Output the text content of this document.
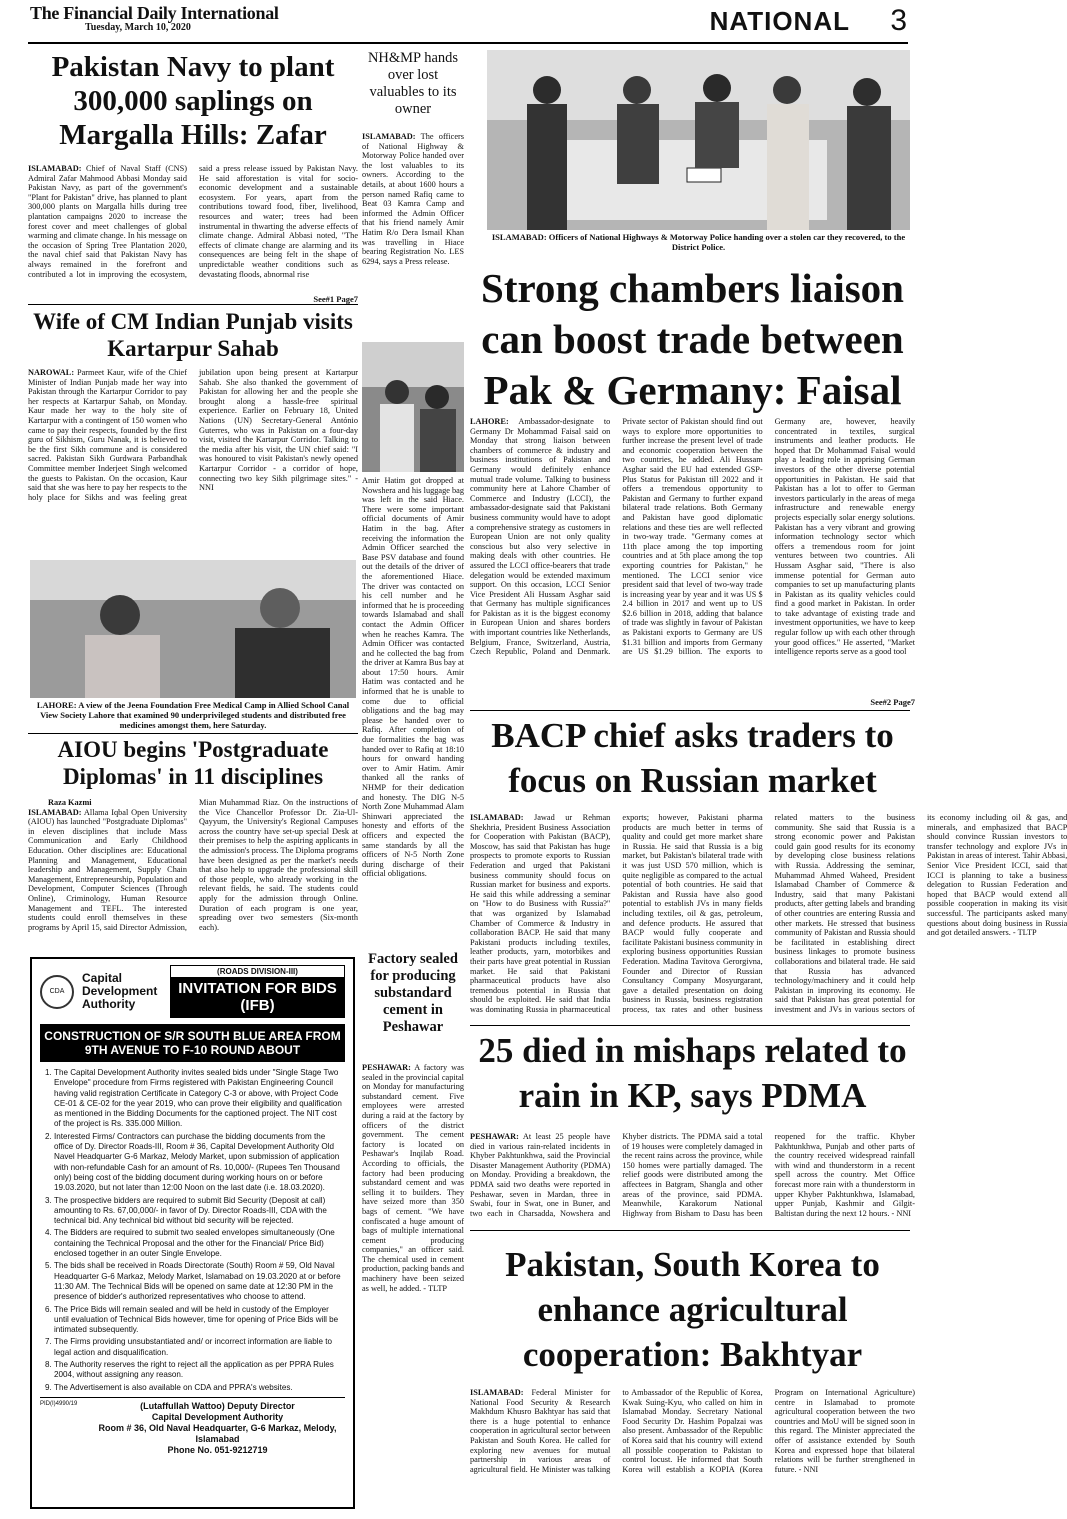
The Financial Daily International
Tuesday, March 10, 2020	NATIONAL 3
Pakistan Navy to plant 300,000 saplings on Margalla Hills: Zafar
ISLAMABAD: Chief of Naval Staff (CNS) Admiral Zafar Mahmood Abbasi Monday said Pakistan Navy, as part of the government's "Plant for Pakistan" drive, has planned to plant 300,000 plants on Margalla hills during tree plantation campaigns 2020 to increase the forest cover and meet challenges of global warming and climate change. In his message on the occasion of Spring Tree Plantation 2020, the naval chief said that Pakistan Navy has always remained in the forefront and contributed a lot in improving the ecosystem, said a press release issued by Pakistan Navy. He said afforestation is vital for socio-economic development and a sustainable ecosystem. For years, apart from the contributions toward food, fiber, livelihood, resources and water; trees had been instrumental in thwarting the adverse effects of climate change. Admiral Abbasi noted, "The effects of climate change are alarming and its consequences are being felt in the shape of unpredictable weather conditions such as devastating floods, abnormal rise
See#1 Page7
Wife of CM Indian Punjab visits Kartarpur Sahab
NAROWAL: Parmeet Kaur, wife of the Chief Minister of Indian Punjab made her way into Pakistan through the Kartarpur Corridor to pay her respects at Kartarpur Sahab, on Monday. Kaur made her way to the holy site of Kartarpur with a contingent of 150 women who came to pay their respects, founded by the first guru of Sikhism, Guru Nanak, it is believed to be the first Sikh commune and is considered sacred. Pakistan Sikh Gurdwara Parbandhak Committee member Inderjeet Singh welcomed the guests to Pakistan. On the occasion, Kaur said that she was here to pay her respects to the holy place for Sikhs and was feeling great jubilation upon being present at Kartarpur Sahab. She also thanked the government of Pakistan for allowing her and the people she brought along a hassle-free spiritual experience. Earlier on February 18, United Nations (UN) Secretary-General António Guterres, who was in Pakistan on a four-day visit, visited the Kartarpur Corridor. Talking to the media after his visit, the UN chief said: "I was honoured to visit Pakistan's newly opened Kartarpur Corridor - a corridor of hope, connecting two key Sikh pilgrimage sites." - NNI
LAHORE: A view of the Jeena Foundation Free Medical Camp in Allied School Canal View Society Lahore that examined 90 underprivileged students and distributed free medicines amongst them, here Saturday.
AIOU begins 'Postgraduate Diplomas' in 11 disciplines
Raza Kazmi
ISLAMABAD: Allama Iqbal Open University (AIOU) has launched "Postgraduate Diplomas" in eleven disciplines that include Mass Communication and Early Childhood Education. Other disciplines are: Educational Planning and Management, Educational leadership and Management, Supply Chain Management, Entrepreneurship, Population and Development, Computer Sciences (Through Online), Criminology, Human Resource Management and TEFL. The interested students could enroll themselves in these programs by April 15, said Director Admission, Mian Muhammad Riaz. On the instructions of the Vice Chancellor Professor Dr. Zia-Ul-Qayyum, the University's Regional Campuses across the country have set-up special Desk at their premises to help the aspiring applicants in the admission's process. The Diploma programs have been designed as per the market's needs that also help to upgrade the professional skill of those people, who already working in the relevant fields, he said. The students could apply for the admission through Online. Duration of each program is one year, spreading over two semesters (Six-month each).
CDA
Capital Development Authority
(ROADS DIVISION-III)
INVITATION FOR BIDS (IFB)
CONSTRUCTION OF S/R SOUTH BLUE AREA FROM 9TH AVENUE TO F-10 ROUND ABOUT
1. The Capital Development Authority invites sealed bids under "Single Stage Two Envelope" procedure from Firms registered with Pakistan Engineering Council having valid registration Certificate in Category C-3 or above, with Project Code CE-01 & CE-02 for the year 2019, who can prove their eligibility and qualification as mentioned in the Bidding Documents for the captioned project. The NIT cost of the project is Rs. 335.000 Million.
2. Interested Firms/ Contractors can purchase the bidding documents from the office of Dy. Director Roads-III, Room # 36, Capital Development Authority Old Navel Headquarter G-6 Markaz, Melody Market, upon submission of application with non-refundable Cash for an amount of Rs. 10,000/- (Rupees Ten Thousand only) being cost of the bidding document during working hours on or before 19.03.2020, but not later than 12:00 Noon on the last date (i.e. 18.03.2020).
3. The prospective bidders are required to submit Bid Security (Deposit at call) amounting to Rs. 67,00,000/- in favor of Dy. Director Roads-III, CDA with the technical bid. Any technical bid without bid security will be rejected.
4. The Bidders are required to submit two sealed envelopes simultaneously (One containing the Technical Proposal and the other for the Financial/ Price Bid) enclosed together in an outer Single Envelope.
5. The bids shall be received in Roads Directorate (South) Room # 59, Old Naval Headquarter G-6 Markaz, Melody Market, Islamabad on 19.03.2020 at or before 11:30 AM. The Technical Bids will be opened on same date at 12:30 PM in the presence of bidder's authorized representatives who choose to attend.
6. The Price Bids will remain sealed and will be held in custody of the Employer until evaluation of Technical Bids however, time for opening of Price Bids will be intimated subsequently.
7. The Firms providing unsubstantiated and/ or incorrect information are liable to legal action and disqualification.
8. The Authority reserves the right to reject all the application as per PPRA Rules 2004, without assigning any reason.
9. The Advertisement is also available on CDA and PPRA's websites.
PID(I)4990/19	(Lutaffullah Wattoo) Deputy Director
Capital Development Authority
Room # 36, Old Naval Headquarter, G-6 Markaz, Melody, Islamabad
Phone No. 051-9212719
NH&MP hands over lost valuables to its owner
ISLAMABAD: The officers of National Highway & Motorway Police handed over the lost valuables to its owners. According to the details, at about 1600 hours a person named Rafiq came to Beat 03 Kamra Camp and informed the Admin Officer that his friend namely Amir Hatim R/o Dera Ismail Khan was travelling in Hiace bearing Registration No. LES 6294, says a Press release.
Amir Hatim got dropped at Nowshera and his luggage bag was left in the said Hiace. There were some important official documents of Amir Hatim in the bag. After receiving the information the Admin Officer searched the Base PSV database and found out the details of the driver of the aforementioned Hiace. The driver was contacted on his cell number and he informed that he is proceeding towards Islamabad and shall contact the Admin Officer when he reaches Kamra. The Admin Officer was contacted and he collected the bag from the driver at Kamra Bus bay at about 17:50 hours. Amir Hatim was contacted and he informed that he is unable to come due to official obligations and the bag may please be handed over to Rafiq. After completion of due formalities the bag was handed over to Rafiq at 18:10 hours for onward handing over to Amir Hatim. Amir thanked all the ranks of NHMP for their dedication and honesty. The DIG N-5 North Zone Muhammad Alam Shinwari appreciated the honesty and efforts of the officers and expected the same standards by all the officers of N-5 North Zone during discharge of their official obligations.
Factory sealed for producing substandard cement in Peshawar
PESHAWAR: A factory was sealed in the provincial capital on Monday for manufacturing substandard cement. Five employees were arrested during a raid at the factory by officers of the district government. The cement factory is located on Peshawar's Inqilab Road. According to officials, the factory had been producing substandard cement and was selling it to builders. They have seized more than 350 bags of cement. "We have confiscated a huge amount of bags of multiple international cement producing companies," an officer said. The chemical used in cement production, packing bands and machinery have been seized as well, he added. - TLTP
ISLAMABAD: Officers of National Highways & Motorway Police handing over a stolen car they recovered, to the District Police.
Strong chambers liaison can boost trade between Pak & Germany: Faisal
LAHORE: Ambassador-designate to Germany Dr Mohammad Faisal said on Monday that strong liaison between chambers of commerce & industry and business institutions of Pakistan and Germany would definitely enhance mutual trade volume. Talking to business community here at Lahore Chamber of Commerce and Industry (LCCI), the ambassador-designate said that Pakistani business community would have to adopt a comprehensive strategy as customers in European Union are not only quality conscious but also very selective in making deals with other countries. He assured the LCCI office-bearers that trade delegation would be extended maximum support. On this occasion, LCCI Senior Vice President Ali Hussam Asghar said that Germany has multiple significances for Pakistan as it is the biggest economy in European Union and shares borders with important countries like Netherlands, Belgium, France, Switzerland, Austria, Czech Republic, Poland and Denmark. Private sector of Pakistan should find out ways to explore more opportunities to further increase the present level of trade and economic cooperation between the two countries, he added. Ali Hussam Asghar said the EU had extended GSP-Plus Status for Pakistan till 2022 and it offers a tremendous opportunity to Pakistan and Germany to further expand bilateral trade relations. Both Germany and Pakistan have good diplomatic relations and these ties are well reflected in two-way trade. "Germany comes at 11th place among the top importing countries and at 5th place among the top exporting countries for Pakistan," he mentioned. The LCCI senior vice president said that level of two-way trade is increasing year by year and it was US $ 2.4 billion in 2017 and went up to US $2.6 billion in 2018, adding that balance of trade was slightly in favour of Pakistan as Pakistani exports to Germany are US $1.31 billion and imports from Germany are US $1.29 billion. The exports to Germany are, however, heavily concentrated in textiles, surgical instruments and leather products. He hoped that Dr Mohammad Faisal would play a leading role in apprising German investors of the other diverse potential opportunities in Pakistan. He said that Pakistan has a lot to offer to German investors particularly in the areas of mega infrastructure and renewable energy projects especially solar energy solutions. Pakistan has a very vibrant and growing information technology sector which offers a tremendous room for joint ventures between two countries. Ali Hussam Asghar said, "There is also immense potential for German auto companies to set up manufacturing plants in Pakistan as its quality vehicles could find a good market in Pakistan. In order to take advantage of existing trade and investment opportunities, we have to keep regular follow up with each other through your good offices." He asserted, "Market intelligence reports serve as a good tool
See#2 Page7
BACP chief asks traders to focus on Russian market
ISLAMABAD: Jawad ur Rehman Shekhria, President Business Association for Cooperation with Pakistan (BACP), Moscow, has said that Pakistan has huge prospects to promote exports to Russian Federation and urged that Pakistani business community should focus on Russian market for business and exports. He said this while addressing a seminar on "How to do Business with Russia?" that was organized by Islamabad Chamber of Commerce & Industry in collaboration BACP. He said that many Pakistani products including textiles, leather products, yarn, motorbikes and their parts have great potential in Russian market. He said that Pakistani pharmaceutical products have also tremendous potential in Russia that should be exploited. He said that India was dominating Russia in pharmaceutical exports; however, Pakistani pharma products are much better in terms of quality and could get more market share in Russia. He said that Russia is a big market, but Pakistan's bilateral trade with it was just USD 570 million, which is quite negligible as compared to the actual potential of both countries. He said that Pakistan and Russia have also good potential to establish JVs in many fields including textiles, oil & gas, petroleum, and defence products. He assured that BACP would fully cooperate and facilitate Pakistani business community in exploring business opportunities Russian Federation. Madina Tavitova Gerorgivna, Founder and Director of Russian Consultancy Company Mosyurgarant, gave a detailed presentation on doing business in Russia, business registration process, tax rates and other business related matters to the business community. She said that Russia is a strong economic power and Pakistan could gain good results for its economy by developing close business relations with Russia. Addressing the seminar, Muhammad Ahmed Waheed, President Islamabad Chamber of Commerce & Industry, said that many Pakistani products, after getting labels and branding of other countries are entering Russia and other markets. He stressed that business community of Pakistan and Russia should be facilitated in establishing direct business linkages to promote business collaborations and bilateral trade. He said that Russia has advanced technology/machinery and it could help Pakistan in improving its economy. He said that Pakistan has great potential for investment and JVs in various sectors of its economy including oil & gas, and minerals, and emphasized that BACP should convince Russian investors to transfer technology and explore JVs in Pakistan in areas of interest. Tahir Abbasi, Senior Vice President ICCI, said that ICCI is planning to take a business delegation to Russian Federation and hoped that BACP would extend all possible cooperation in making its visit successful. The participants asked many questions about doing business in Russia and got detailed answers. - TLTP
25 died in mishaps related to rain in KP, says PDMA
PESHAWAR: At least 25 people have died in various rain-related incidents in Khyber Pakhtunkhwa, said the Provincial Disaster Management Authority (PDMA) on Monday. Providing a breakdown, the PDMA said two deaths were reported in Peshawar, seven in Mardan, three in Swabi, four in Swat, one in Buner, and two each in Charsadda, Nowshera and Khyber districts. The PDMA said a total of 19 houses were completely damaged in the recent rains across the province, while 150 homes were partially damaged. The relief goods were distributed among the affectees in Batgram, Shangla and other areas of the province, said PDMA. Meanwhile, Karakorum National Highway from Bisham to Dasu has been reopened for the traffic. Khyber Pakhtunkhwa, Punjab and other parts of the country received widespread rainfall with wind and thunderstorm in a recent spell across the country. Met Office forecast more rain with a thunderstorm in upper Khyber Pakhtunkhwa, Islamabad, upper Punjab, Kashmir and Gilgit-Baltistan during the next 12 hours. - NNI
Pakistan, South Korea to enhance agricultural cooperation: Bakhtyar
ISLAMABAD: Federal Minister for National Food Security & Research Makhdum Khusro Bakhtyar has said that there is a huge potential to enhance cooperation in agricultural sector between Pakistan and South Korea. He called for exploring new avenues for mutual partnership in various areas of agricultural field. He Minister was talking to Ambassador of the Republic of Korea, Kwak Suing-Kyu, who called on him in Islamabad Monday. Secretary National Food Security Dr. Hashim Popalzai was also present. Ambassador of the Republic of Korea said that his country will extend all possible cooperation to Pakistan to control locust. He informed that South Korea will establish a KOPIA (Korea Program on International Agriculture) centre in Islamabad to promote agricultural cooperation between the two countries and MoU will be signed soon in this regard. The Minister appreciated the offer of assistance extended by South Korea and expressed hope that bilateral relations will be further strengthened in future. - NNI
